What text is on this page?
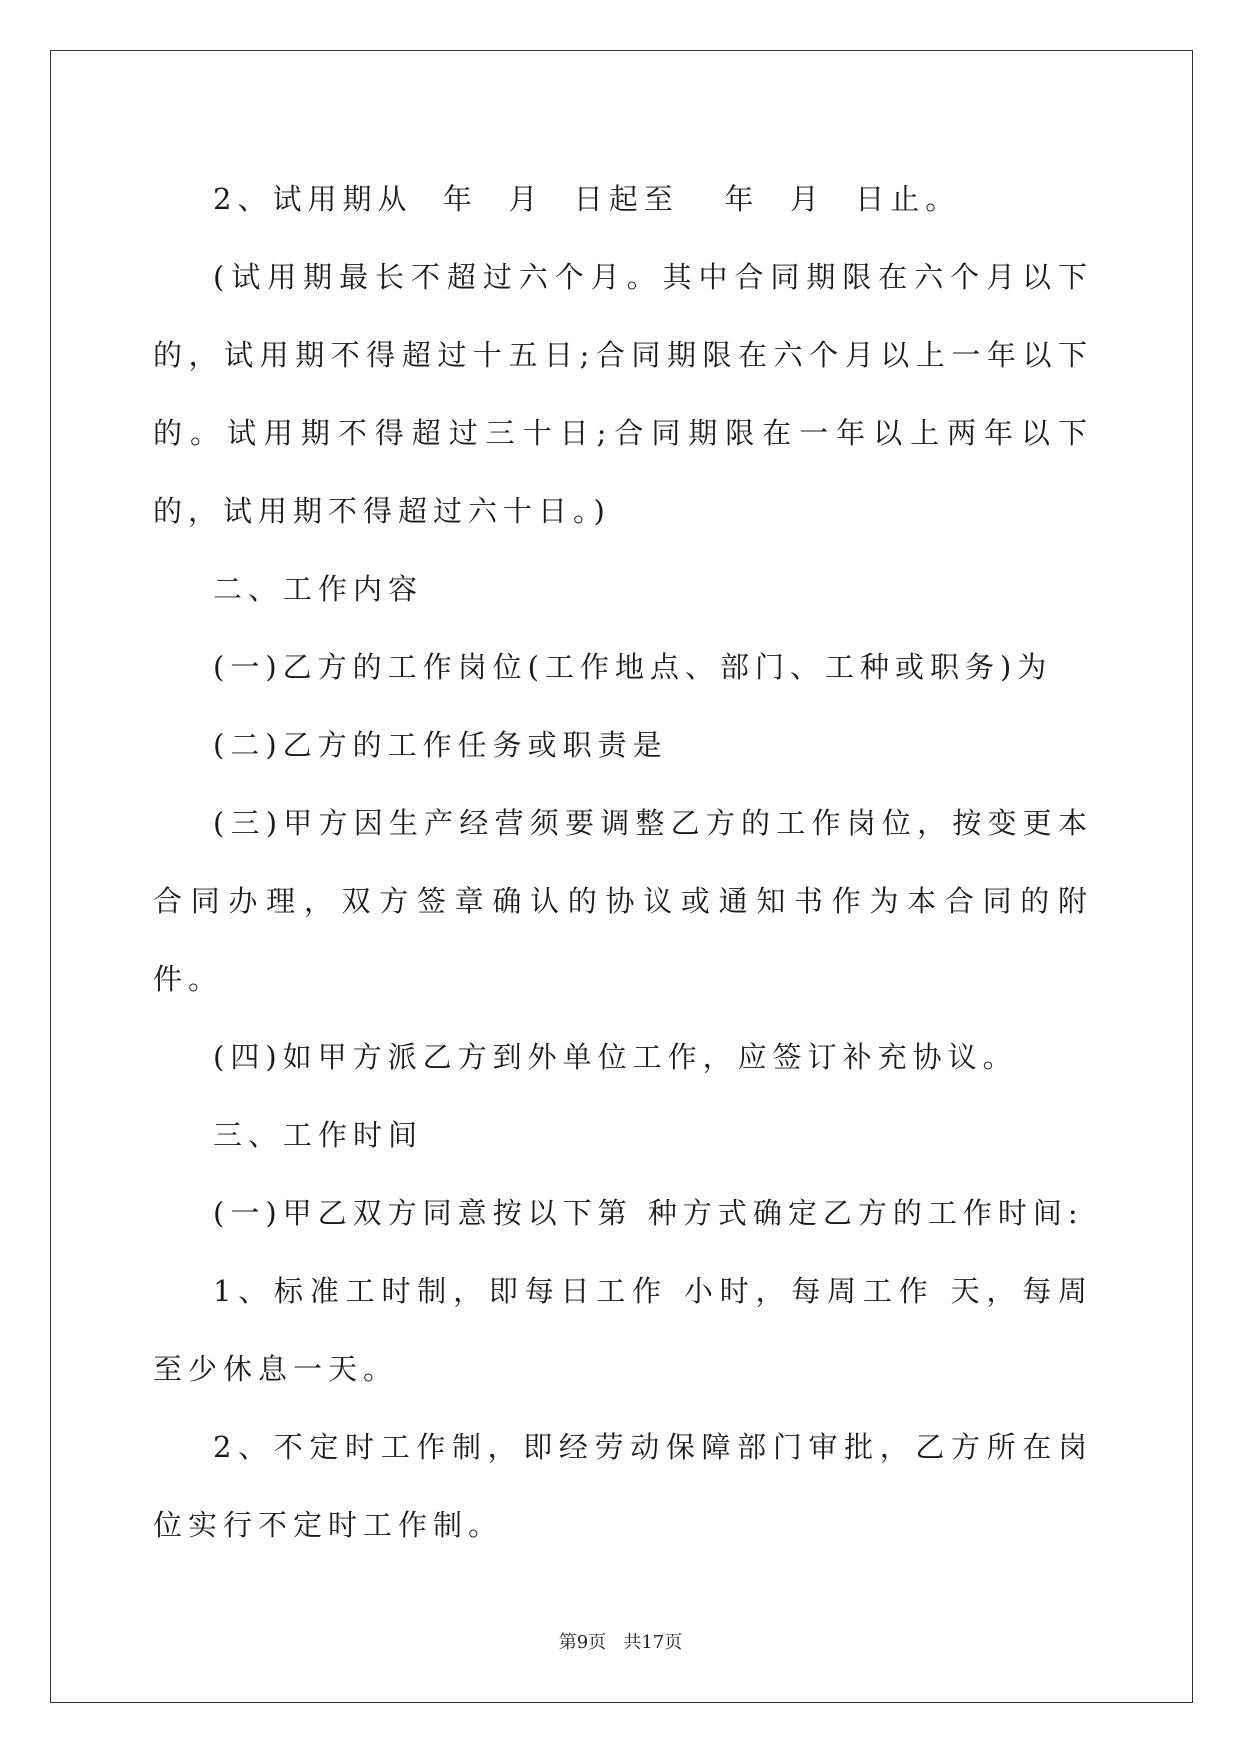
2、试用期从  年  月  日起至   年  月  日止。

(试用期最长不超过六个月。其中合同期限在六个月以下的，试用期不得超过十五日;合同期限在六个月以上一年以下的。试用期不得超过三十日;合同期限在一年以上两年以下的，试用期不得超过六十日。)

二、工作内容

(一)乙方的工作岗位(工作地点、部门、工种或职务)为

(二)乙方的工作任务或职责是

(三)甲方因生产经营须要调整乙方的工作岗位，按变更本合同办理，双方签章确认的协议或通知书作为本合同的附件。

(四)如甲方派乙方到外单位工作，应签订补充协议。

三、工作时间

(一)甲乙双方同意按以下第 种方式确定乙方的工作时间:

1、标准工时制，即每日工作 小时，每周工作 天，每周至少休息一天。

2、不定时工作制，即经劳动保障部门审批，乙方所在岗位实行不定时工作制。

第9页   共17页
